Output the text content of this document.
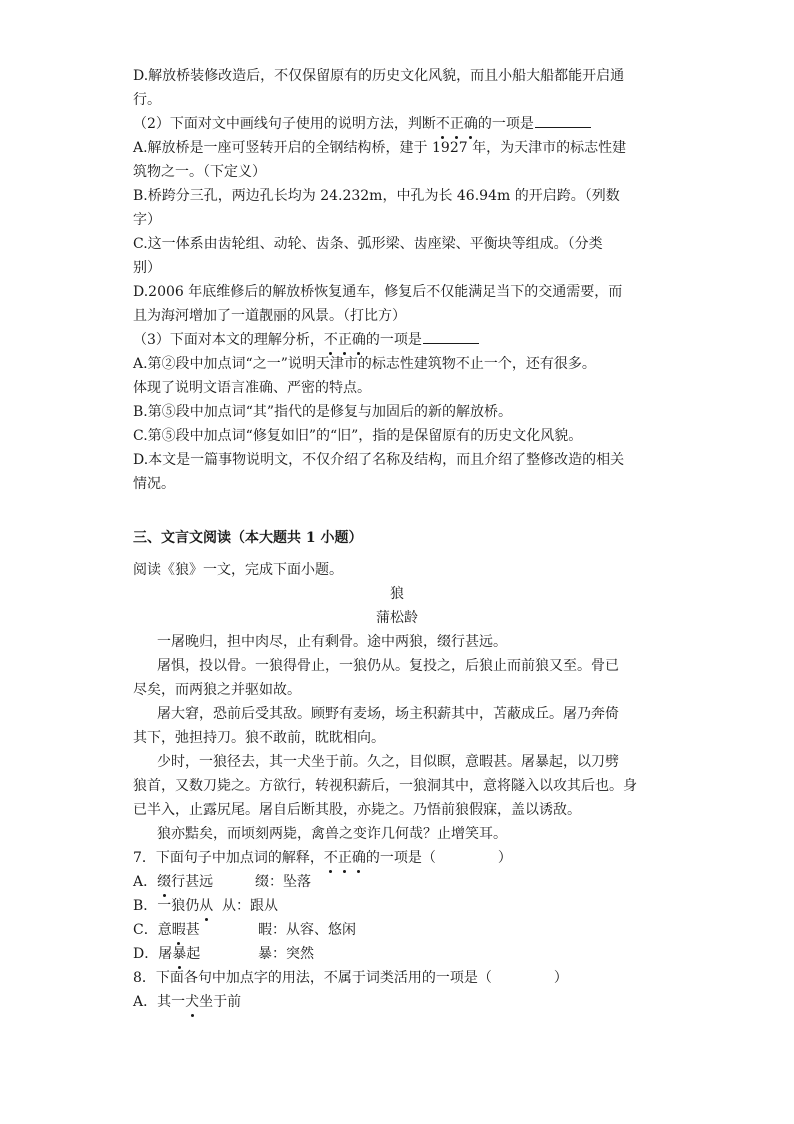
D.解放桥装修改造后，不仅保留原有的历史文化风貌，而且小船大船都能开启通
行。
（2）下面对文中画线句子使用的说明方法，判断不
正
确
的一项是
A.解放桥是一座可竖转开启的全钢结构桥，建于 1927 年，为天津市的标志性建
筑物之一。（下定义）
B.桥跨分三孔，两边孔长均为 24.232m，中孔为长 46.94m 的开启跨。（列数
字）
C.这一体系由齿轮组、动轮、齿条、弧形梁、齿座梁、平衡块等组成。（分类
别）
D.2006 年底维修后的解放桥恢复通车，修复后不仅能满足当下的交通需要，而
且为海河增加了一道靓丽的风景。（打比方）
（3）下面对本文的理解分析，不
正
确
的一项是
A.第②段中加点词“之一”说明天津市的标志性建筑物不止一个，还有很多。
体现了说明文语言准确、严密的特点。
B.第⑤段中加点词“其”指代的是修复与加固后的新的解放桥。
C.第⑤段中加点词“修复如旧”的“旧”，指的是保留原有的历史文化风貌。
D.本文是一篇事物说明文，不仅介绍了名称及结构，而且介绍了整修改造的相关
情况。
三、文言文阅读（本大题共 1 小题）
阅读《狼》一文，完成下面小题。
狼
蒲松龄
一屠晚归，担中肉尽，止有剩骨。途中两狼，缀行甚远。
屠惧，投以骨。一狼得骨止，一狼仍从。复投之，后狼止而前狼又至。骨已
尽矣，而两狼之并驱如故。
屠大窘，恐前后受其敌。顾野有麦场，场主积薪其中，苫蔽成丘。屠乃奔倚
其下，弛担持刀。狼不敢前，眈眈相向。
少时，一狼径去，其一犬坐于前。久之，目似瞑，意暇甚。屠暴起，以刀劈
狼首，又数刀毙之。方欲行，转视积薪后，一狼洞其中，意将隧入以攻其后也。身
已半入，止露尻尾。屠自后断其股，亦毙之。乃悟前狼假寐，盖以诱敌。
狼亦黠矣，而顷刻两毙，禽兽之变诈几何哉？止增笑耳。
7．下面句子中加点词的解释，不
正
确
的一项是（	）
A．缀
行甚远	缀：坠落
B．一狼仍从 从：跟从
C．意暇
甚	暇：从容、悠闲
D．屠暴
起	暴：突然
8．下面各句中加点字的用法，不属于词类活用的一项是（	）
A．其一犬
坐于前
